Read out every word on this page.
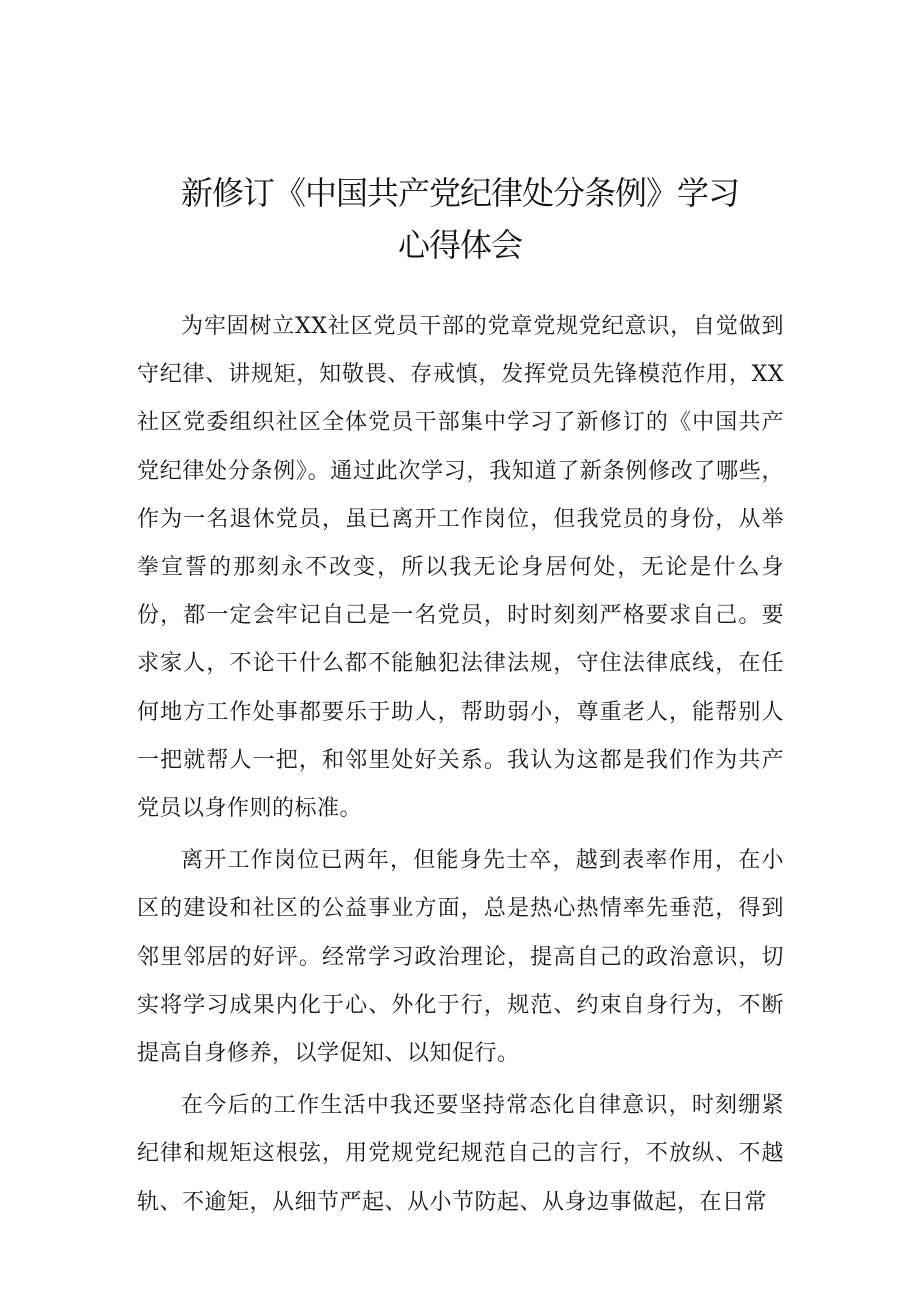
新修订《中国共产党纪律处分条例》学习
心得体会

为牢固树立XX社区党员干部的党章党规党纪意识，自觉做到守纪律、讲规矩，知敬畏、存戒慎，发挥党员先锋模范作用，XX社区党委组织社区全体党员干部集中学习了新修订的《中国共产党纪律处分条例》。通过此次学习，我知道了新条例修改了哪些，作为一名退休党员，虽已离开工作岗位，但我党员的身份，从举拳宣誓的那刻永不改变，所以我无论身居何处，无论是什么身份，都一定会牢记自己是一名党员，时时刻刻严格要求自己。要求家人，不论干什么都不能触犯法律法规，守住法律底线，在任何地方工作处事都要乐于助人，帮助弱小，尊重老人，能帮别人一把就帮人一把，和邻里处好关系。我认为这都是我们作为共产党员以身作则的标准。

离开工作岗位已两年，但能身先士卒，越到表率作用，在小区的建设和社区的公益事业方面，总是热心热情率先垂范，得到邻里邻居的好评。经常学习政治理论，提高自己的政治意识，切实将学习成果内化于心、外化于行，规范、约束自身行为，不断提高自身修养，以学促知、以知促行。

在今后的工作生活中我还要坚持常态化自律意识，时刻绷紧纪律和规矩这根弦，用党规党纪规范自己的言行，不放纵、不越轨、不逾矩，从细节严起、从小节防起、从身边事做起，在日常
